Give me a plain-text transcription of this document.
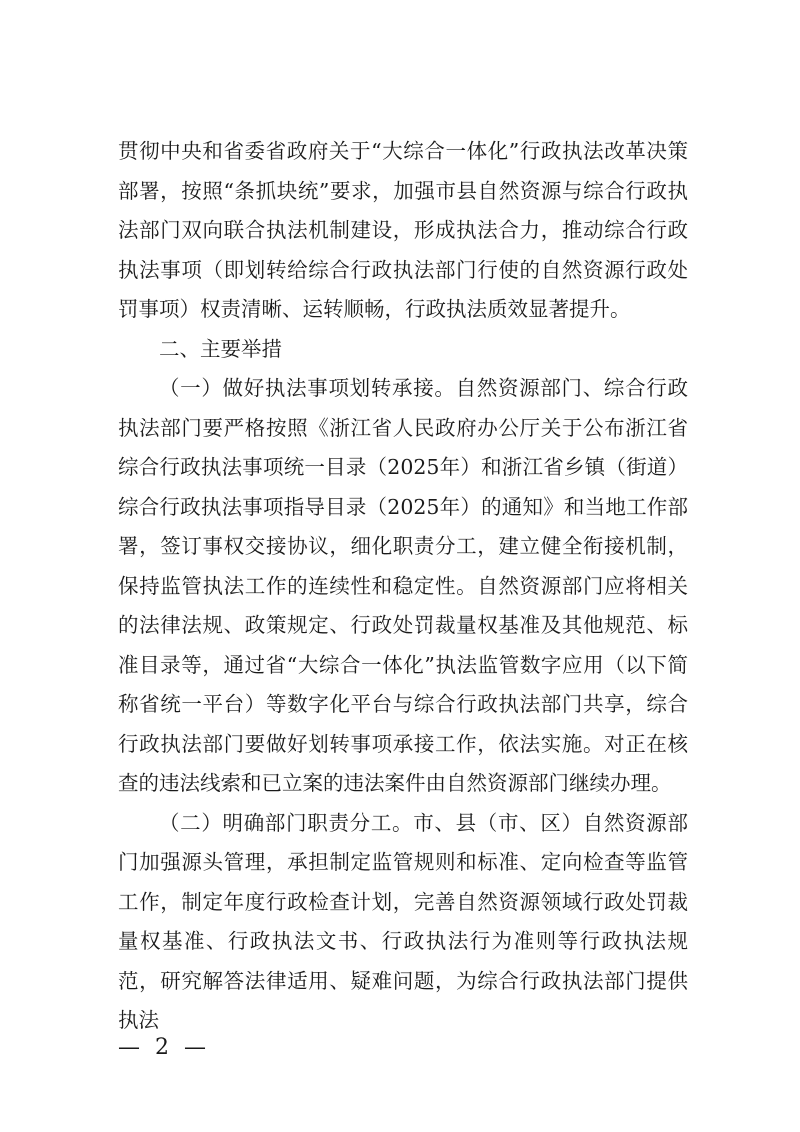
贯彻中央和省委省政府关于“大综合一体化”行政执法改革决策部署，按照“条抓块统”要求，加强市县自然资源与综合行政执法部门双向联合执法机制建设，形成执法合力，推动综合行政执法事项（即划转给综合行政执法部门行使的自然资源行政处罚事项）权责清晰、运转顺畅，行政执法质效显著提升。

二、主要举措

（一）做好执法事项划转承接。自然资源部门、综合行政执法部门要严格按照《浙江省人民政府办公厅关于公布浙江省综合行政执法事项统一目录（2025年）和浙江省乡镇（街道）综合行政执法事项指导目录（2025年）的通知》和当地工作部署，签订事权交接协议，细化职责分工，建立健全衔接机制，保持监管执法工作的连续性和稳定性。自然资源部门应将相关的法律法规、政策规定、行政处罚裁量权基准及其他规范、标准目录等，通过省“大综合一体化”执法监管数字应用（以下简称省统一平台）等数字化平台与综合行政执法部门共享，综合行政执法部门要做好划转事项承接工作，依法实施。对正在核查的违法线索和已立案的违法案件由自然资源部门继续办理。

（二）明确部门职责分工。市、县（市、区）自然资源部门加强源头管理，承担制定监管规则和标准、定向检查等监管工作，制定年度行政检查计划，完善自然资源领域行政处罚裁量权基准、行政执法文书、行政执法行为准则等行政执法规范，研究解答法律适用、疑难问题，为综合行政执法部门提供执法

— 2 —
